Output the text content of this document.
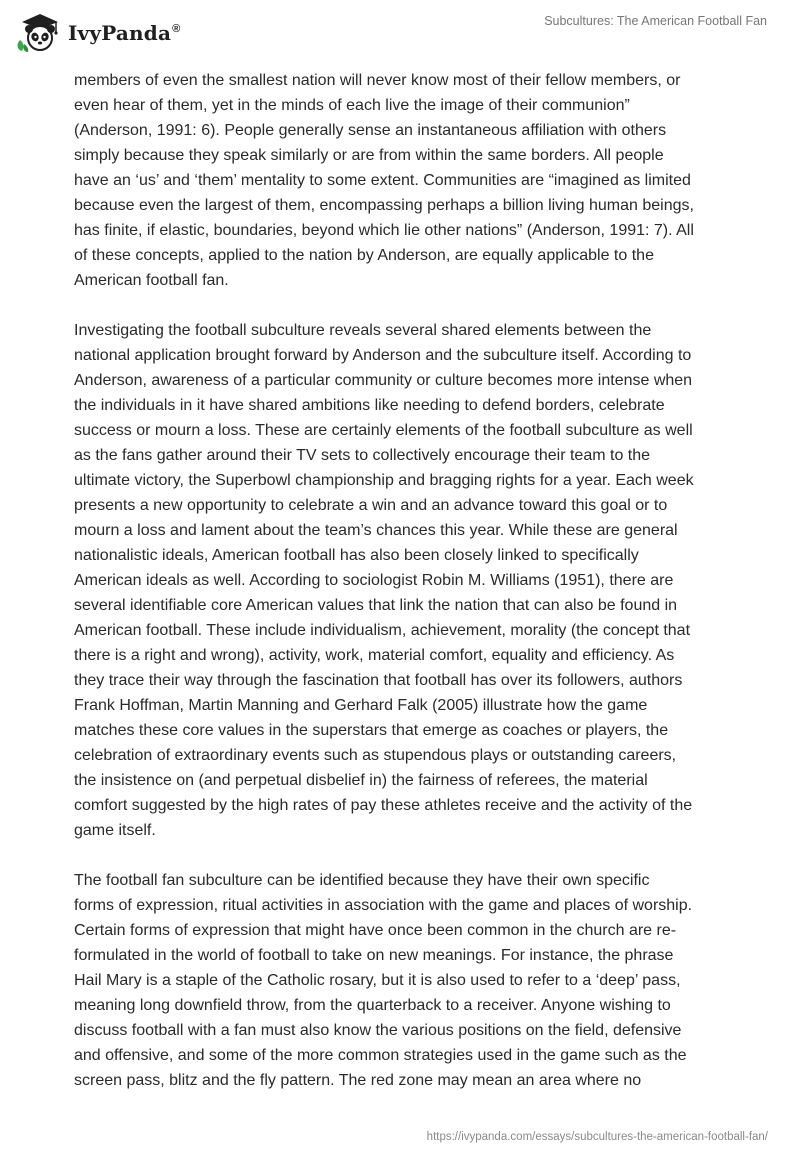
IvyPanda®
Subcultures: The American Football Fan

members of even the smallest nation will never know most of their fellow members, or
even hear of them, yet in the minds of each live the image of their communion”
(Anderson, 1991: 6). People generally sense an instantaneous affiliation with others
simply because they speak similarly or are from within the same borders. All people
have an ‘us’ and ‘them’ mentality to some extent. Communities are “imagined as limited
because even the largest of them, encompassing perhaps a billion living human beings,
has finite, if elastic, boundaries, beyond which lie other nations” (Anderson, 1991: 7). All
of these concepts, applied to the nation by Anderson, are equally applicable to the
American football fan.

Investigating the football subculture reveals several shared elements between the
national application brought forward by Anderson and the subculture itself. According to
Anderson, awareness of a particular community or culture becomes more intense when
the individuals in it have shared ambitions like needing to defend borders, celebrate
success or mourn a loss. These are certainly elements of the football subculture as well
as the fans gather around their TV sets to collectively encourage their team to the
ultimate victory, the Superbowl championship and bragging rights for a year. Each week
presents a new opportunity to celebrate a win and an advance toward this goal or to
mourn a loss and lament about the team’s chances this year. While these are general
nationalistic ideals, American football has also been closely linked to specifically
American ideals as well. According to sociologist Robin M. Williams (1951), there are
several identifiable core American values that link the nation that can also be found in
American football. These include individualism, achievement, morality (the concept that
there is a right and wrong), activity, work, material comfort, equality and efficiency. As
they trace their way through the fascination that football has over its followers, authors
Frank Hoffman, Martin Manning and Gerhard Falk (2005) illustrate how the game
matches these core values in the superstars that emerge as coaches or players, the
celebration of extraordinary events such as stupendous plays or outstanding careers,
the insistence on (and perpetual disbelief in) the fairness of referees, the material
comfort suggested by the high rates of pay these athletes receive and the activity of the
game itself.

The football fan subculture can be identified because they have their own specific
forms of expression, ritual activities in association with the game and places of worship.
Certain forms of expression that might have once been common in the church are re-
formulated in the world of football to take on new meanings. For instance, the phrase
Hail Mary is a staple of the Catholic rosary, but it is also used to refer to a ‘deep’ pass,
meaning long downfield throw, from the quarterback to a receiver. Anyone wishing to
discuss football with a fan must also know the various positions on the field, defensive
and offensive, and some of the more common strategies used in the game such as the
screen pass, blitz and the fly pattern. The red zone may mean an area where no

https://ivypanda.com/essays/subcultures-the-american-football-fan/
